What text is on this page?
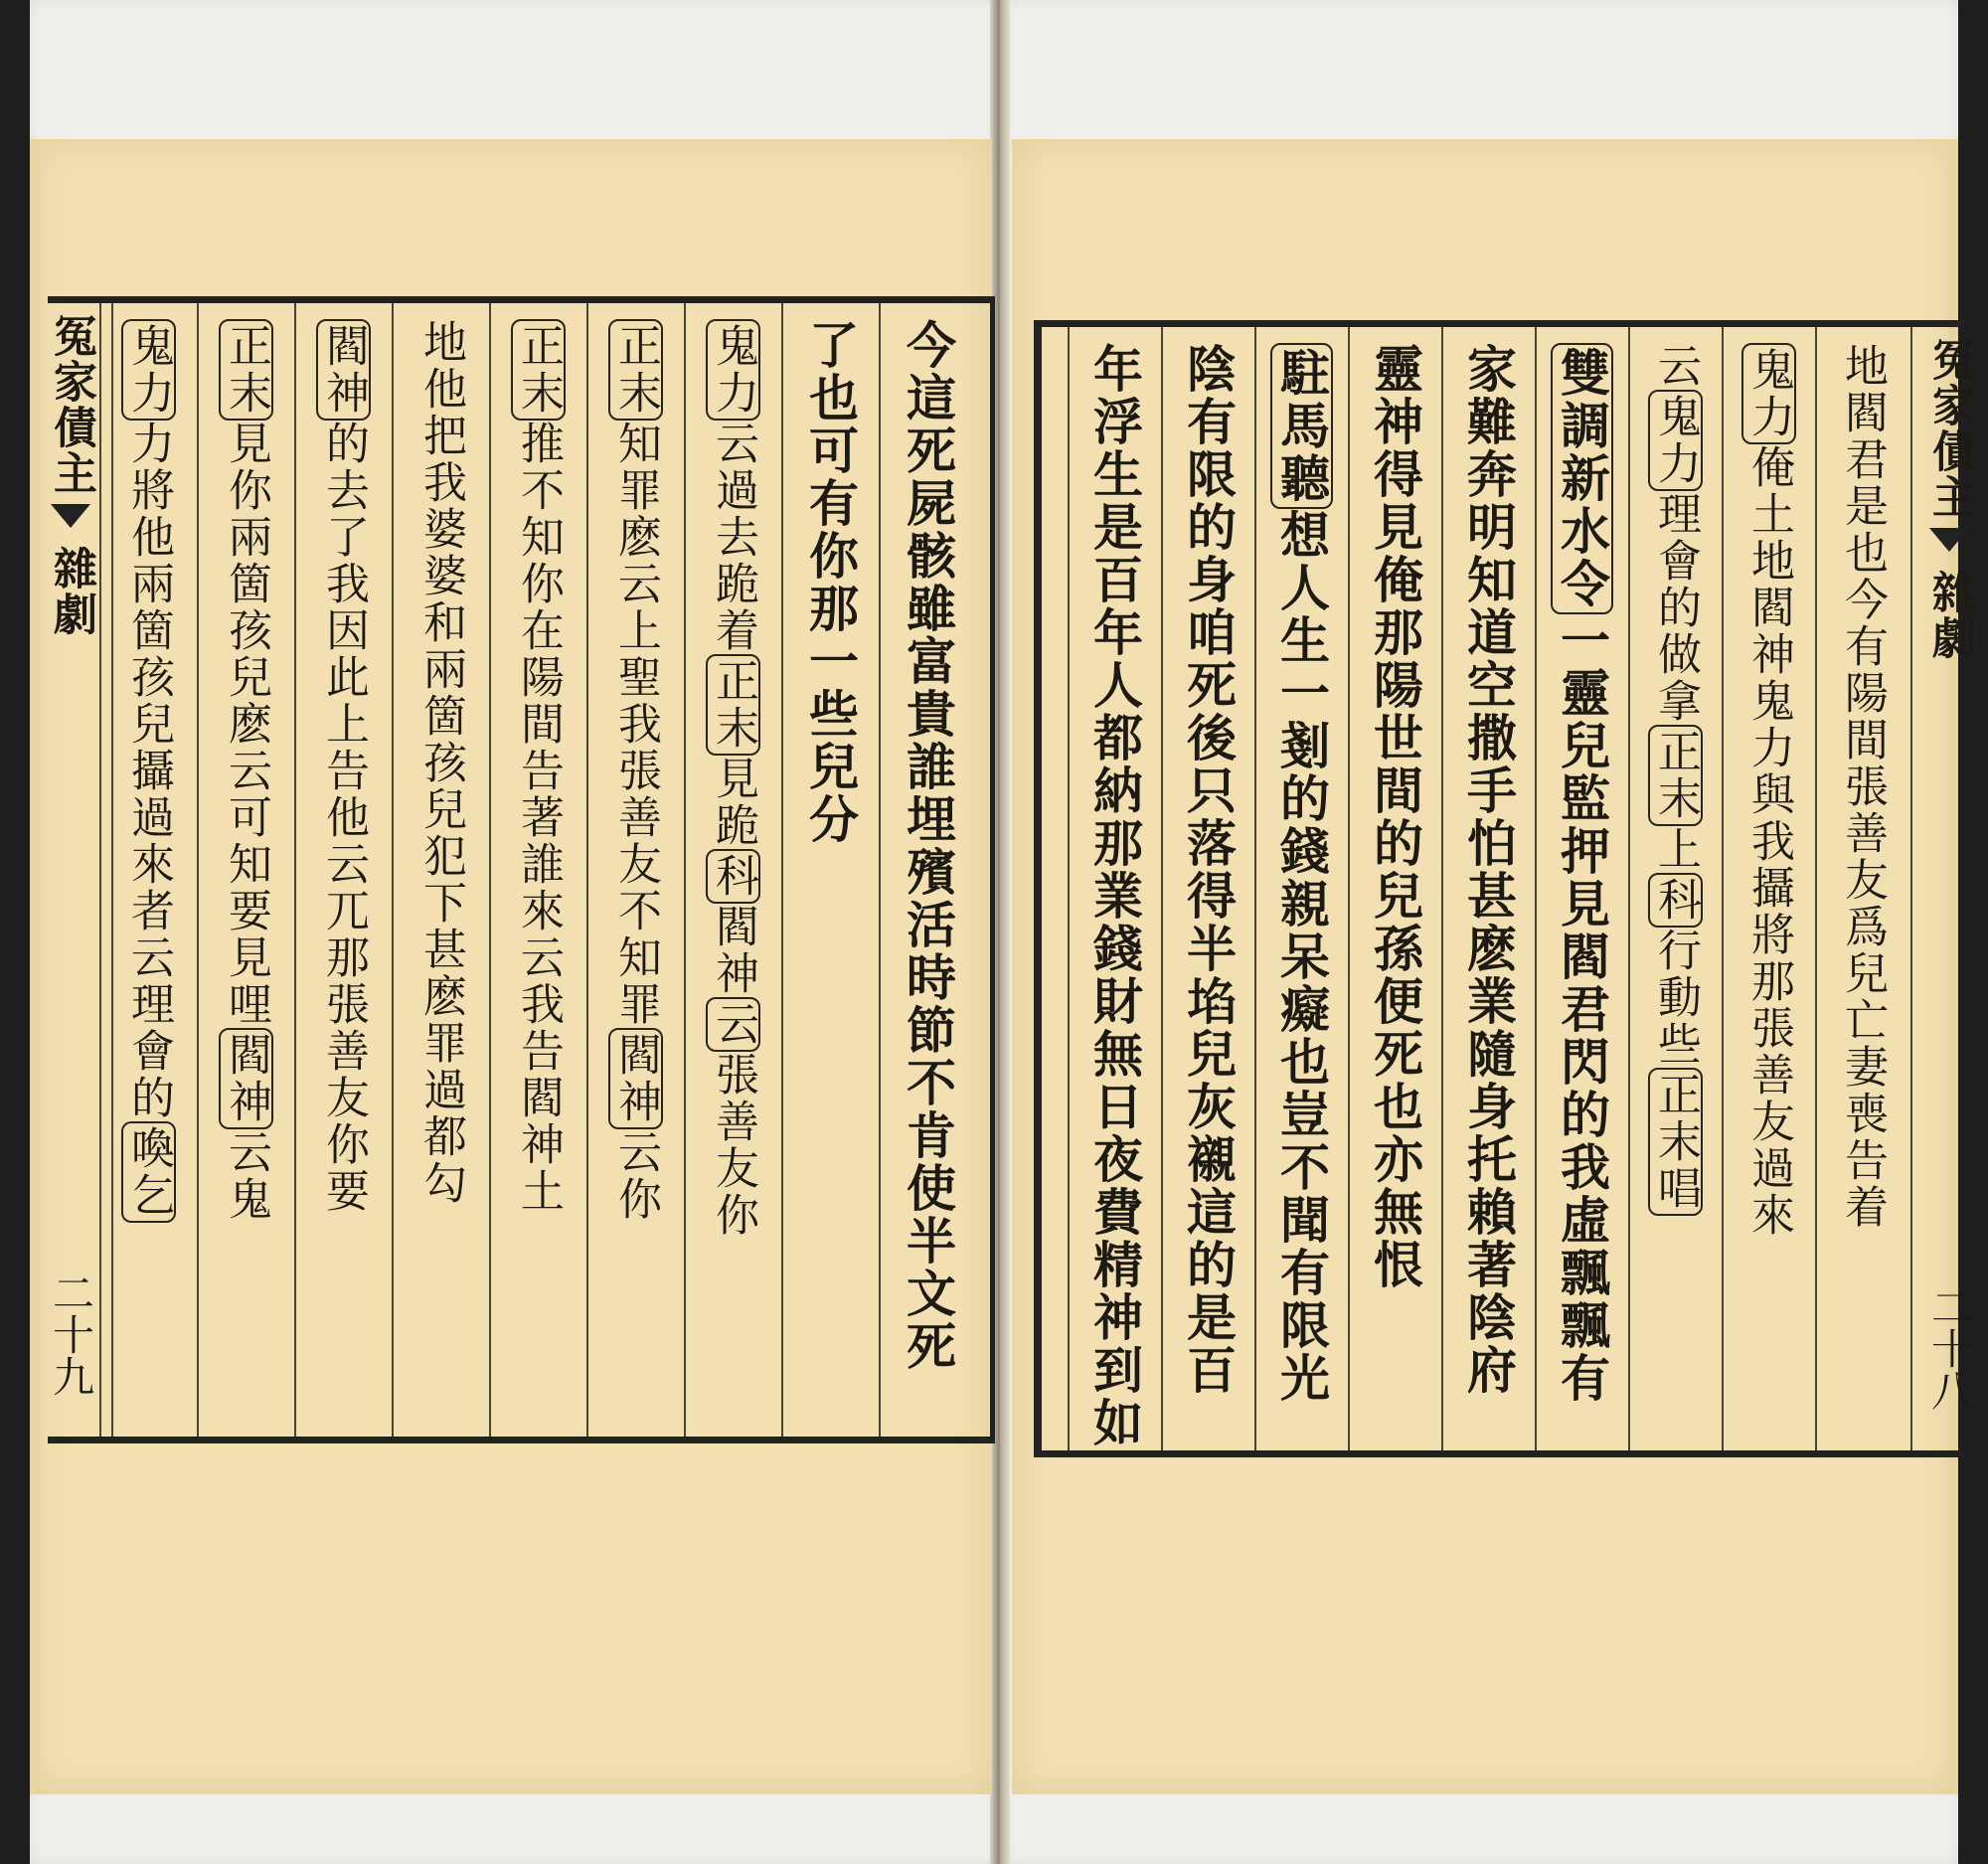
冤家債主
雜劇
二十九	今這死屍骸雖富貴誰埋殯活時節不肯使半文死
了也可有你那一些兒分
鬼力云過去跪着正末見跪科閻神云張善友你
正末知罪麽云上聖我張善友不知罪閻神云你
正末推不知你在陽間告著誰來云我告閻神土
地他把我婆婆和兩箇孩兒犯下甚麽罪過都勾
閻神的去了我因此上告他云兀那張善友你要
正末見你兩箇孩兒麽云可知要見哩閻神云鬼
鬼力力將他兩箇孩兒攝過來者云理會的喚乞
冤家債主
雜劇
二十八
地閻君是也今有陽間張善友爲兒亡妻喪告着
鬼力俺土地閻神鬼力與我攝將那張善友過來
云鬼力理會的做拿正末上科行動些正末唱
雙調新水令一靈兒監押見閻君閃的我虛飄飄有
家難奔明知道空撒手怕甚麽業隨身托賴著陰府
靈神得見俺那陽世間的兒孫便死也亦無恨
駐馬聽想人生一剗的錢親呆癡也豈不聞有限光
陰有限的身咱死後只落得半埳兒灰襯這的是百
年浮生是百年人都納那業錢財無日夜費精神到如
